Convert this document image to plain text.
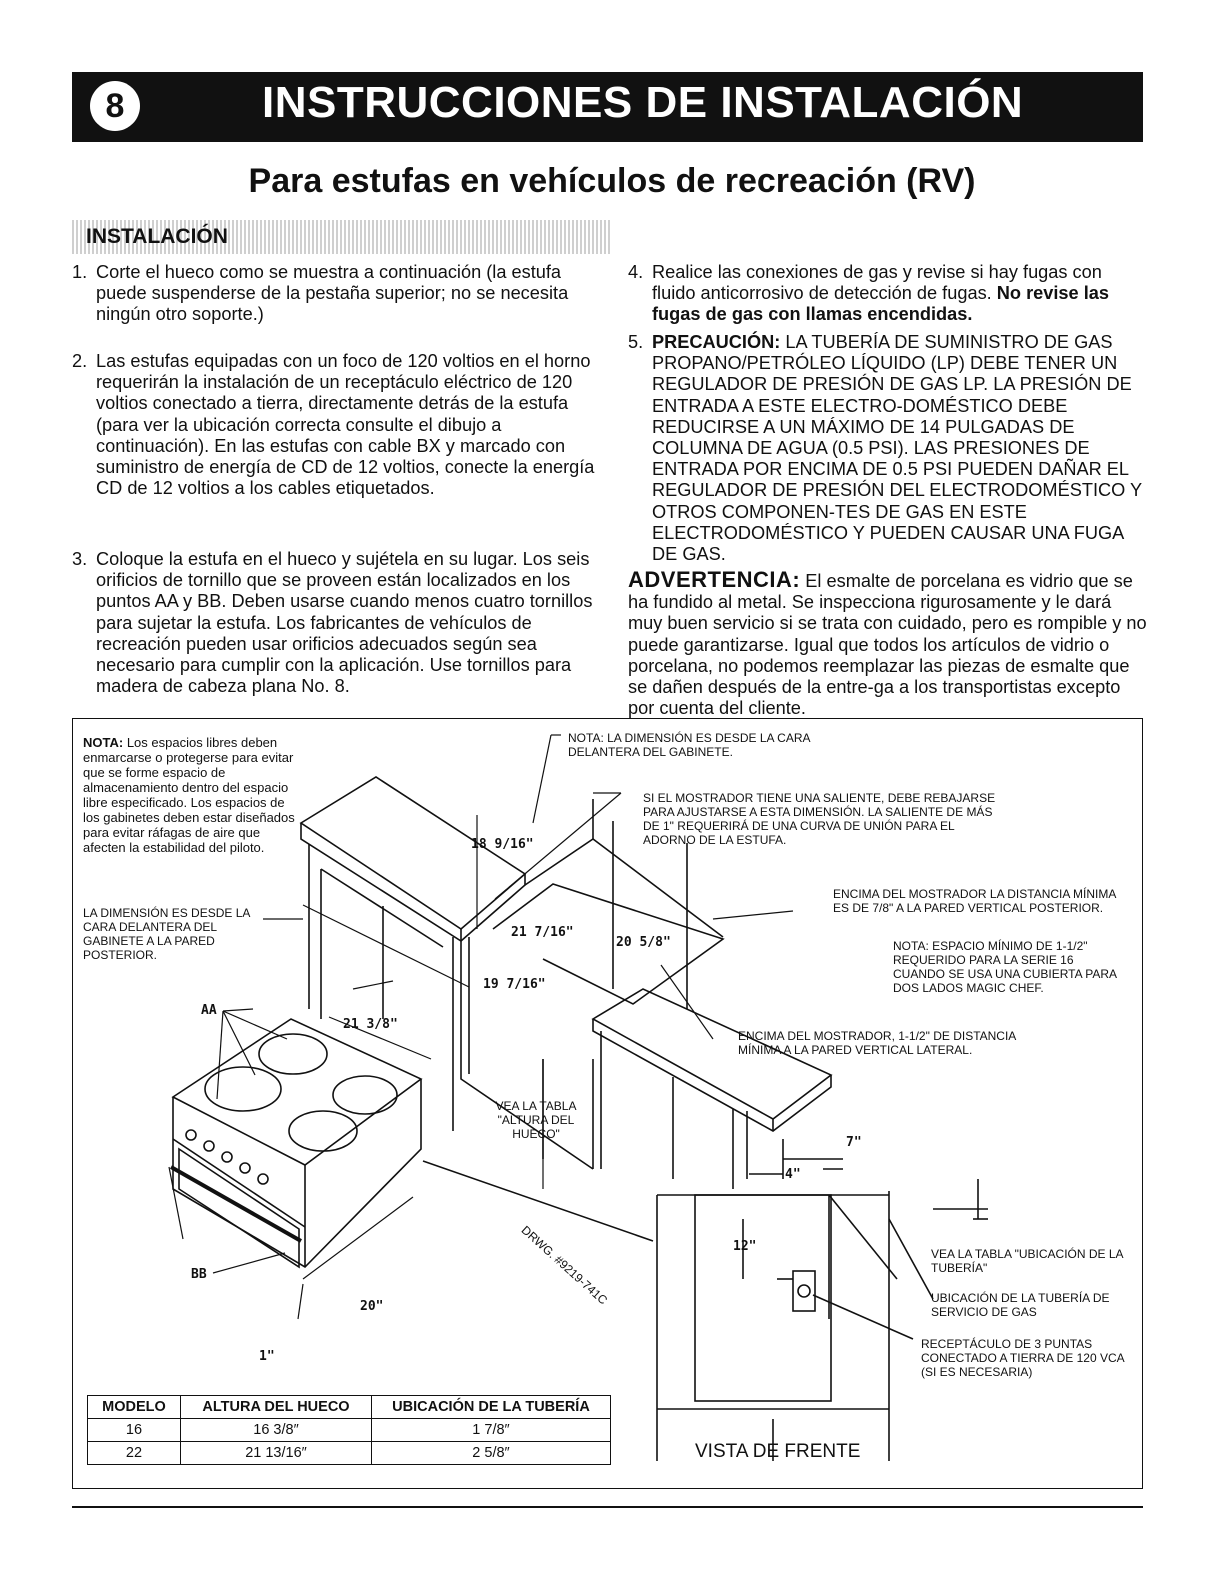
8	INSTRUCCIONES DE INSTALACIÓN
Para estufas en vehículos de recreación (RV)
INSTALACIÓN

1. Corte el hueco como se muestra a continuación (la estufa puede suspenderse de la pestaña superior; no se necesita ningún otro soporte.)

2. Las estufas equipadas con un foco de 120 voltios en el horno requerirán la instalación de un receptáculo eléctrico de 120 voltios conectado a tierra, directamente detrás de la estufa (para ver la ubicación correcta consulte el dibujo a continuación). En las estufas con cable BX y marcado con suministro de energía de CD de 12 voltios, conecte la energía CD de 12 voltios a los cables etiquetados.

3. Coloque la estufa en el hueco y sujétela en su lugar. Los seis orificios de tornillo que se proveen están localizados en los puntos AA y BB. Deben usarse cuando menos cuatro tornillos para sujetar la estufa. Los fabricantes de vehículos de recreación pueden usar orificios adecuados según sea necesario para cumplir con la aplicación. Use tornillos para madera de cabeza plana No. 8.

4. Realice las conexiones de gas y revise si hay fugas con fluido anticorrosivo de detección de fugas. No revise las fugas de gas con llamas encendidas.

5. PRECAUCIÓN: LA TUBERÍA DE SUMINISTRO DE GAS PROPANO/PETRÓLEO LÍQUIDO (LP) DEBE TENER UN REGULADOR DE PRESIÓN DE GAS LP. LA PRESIÓN DE ENTRADA A ESTE ELECTRO-DOMÉSTICO DEBE REDUCIRSE A UN MÁXIMO DE 14 PULGADAS DE COLUMNA DE AGUA (0.5 PSI). LAS PRESIONES DE ENTRADA POR ENCIMA DE 0.5 PSI PUEDEN DAÑAR EL REGULADOR DE PRESIÓN DEL ELECTRODOMÉSTICO Y OTROS COMPONEN-TES DE GAS EN ESTE ELECTRODOMÉSTICO Y PUEDEN CAUSAR UNA FUGA DE GAS.

ADVERTENCIA: El esmalte de porcelana es vidrio que se ha fundido al metal. Se inspecciona rigurosamente y le dará muy buen servicio si se trata con cuidado, pero es rompible y no puede garantizarse. Igual que todos los artículos de vidrio o porcelana, no podemos reemplazar las piezas de esmalte que se dañen después de la entre-ga a los transportistas excepto por cuenta del cliente.

NOTA: Los espacios libres deben enmarcarse o protegerse para evitar que se forme espacio de almacenamiento dentro del espacio libre especificado. Los espacios de los gabinetes deben estar diseñados para evitar ráfagas de aire que afecten la estabilidad del piloto.
LA DIMENSIÓN ES DESDE LA CARA DELANTERA DEL GABINETE A LA PARED POSTERIOR.
NOTA: LA DIMENSIÓN ES DESDE LA CARA DELANTERA DEL GABINETE.
SI EL MOSTRADOR TIENE UNA SALIENTE, DEBE REBAJARSE PARA AJUSTARSE A ESTA DIMENSIÓN. LA SALIENTE DE MÁS DE 1" REQUERIRÁ DE UNA CURVA DE UNIÓN PARA EL ADORNO DE LA ESTUFA.
ENCIMA DEL MOSTRADOR LA DISTANCIA MÍNIMA ES DE 7/8" A LA PARED VERTICAL POSTERIOR.
NOTA: ESPACIO MÍNIMO DE 1-1/2" REQUERIDO PARA LA SERIE 16 CUANDO SE USA UNA CUBIERTA PARA DOS LADOS MAGIC CHEF.
ENCIMA DEL MOSTRADOR, 1-1/2" DE DISTANCIA MÍNIMA A LA PARED VERTICAL LATERAL.
VEA LA TABLA "ALTURA DEL HUECO"
VEA LA TABLA "UBICACIÓN DE LA TUBERÍA"
UBICACIÓN DE LA TUBERÍA DE SERVICIO DE GAS
RECEPTÁCULO DE 3 PUNTAS CONECTADO A TIERRA DE 120 VCA (SI ES NECESARIA)
DRWG. #9219-741C
AA
BB
18 9/16"
21 7/16"
20 5/8"
19 7/16"
21 3/8"
20"
1"
7"
4"
12"
MODELO	ALTURA DEL HUECO	UBICACIÓN DE LA TUBERÍA
16	16 3/8″	1 7/8″
22	21 13/16″	2 5/8″	VISTA DE FRENTE
